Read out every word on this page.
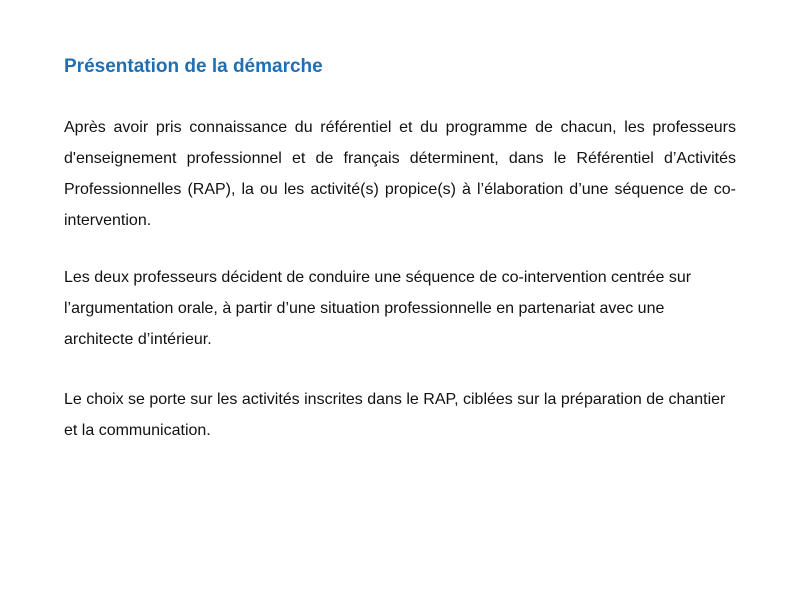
Présentation de la démarche

Après avoir pris connaissance du référentiel et du programme de chacun, les professeurs d'enseignement professionnel et de français déterminent, dans le Référentiel d’Activités Professionnelles (RAP), la ou les activité(s) propice(s) à l’élaboration d’une séquence de co-intervention.

Les deux professeurs décident de conduire une séquence de co-intervention centrée sur l’argumentation orale, à partir d’une situation professionnelle en partenariat avec une architecte d’intérieur.

Le choix se porte sur les activités inscrites dans le RAP, ciblées sur la préparation de chantier et la communication.
